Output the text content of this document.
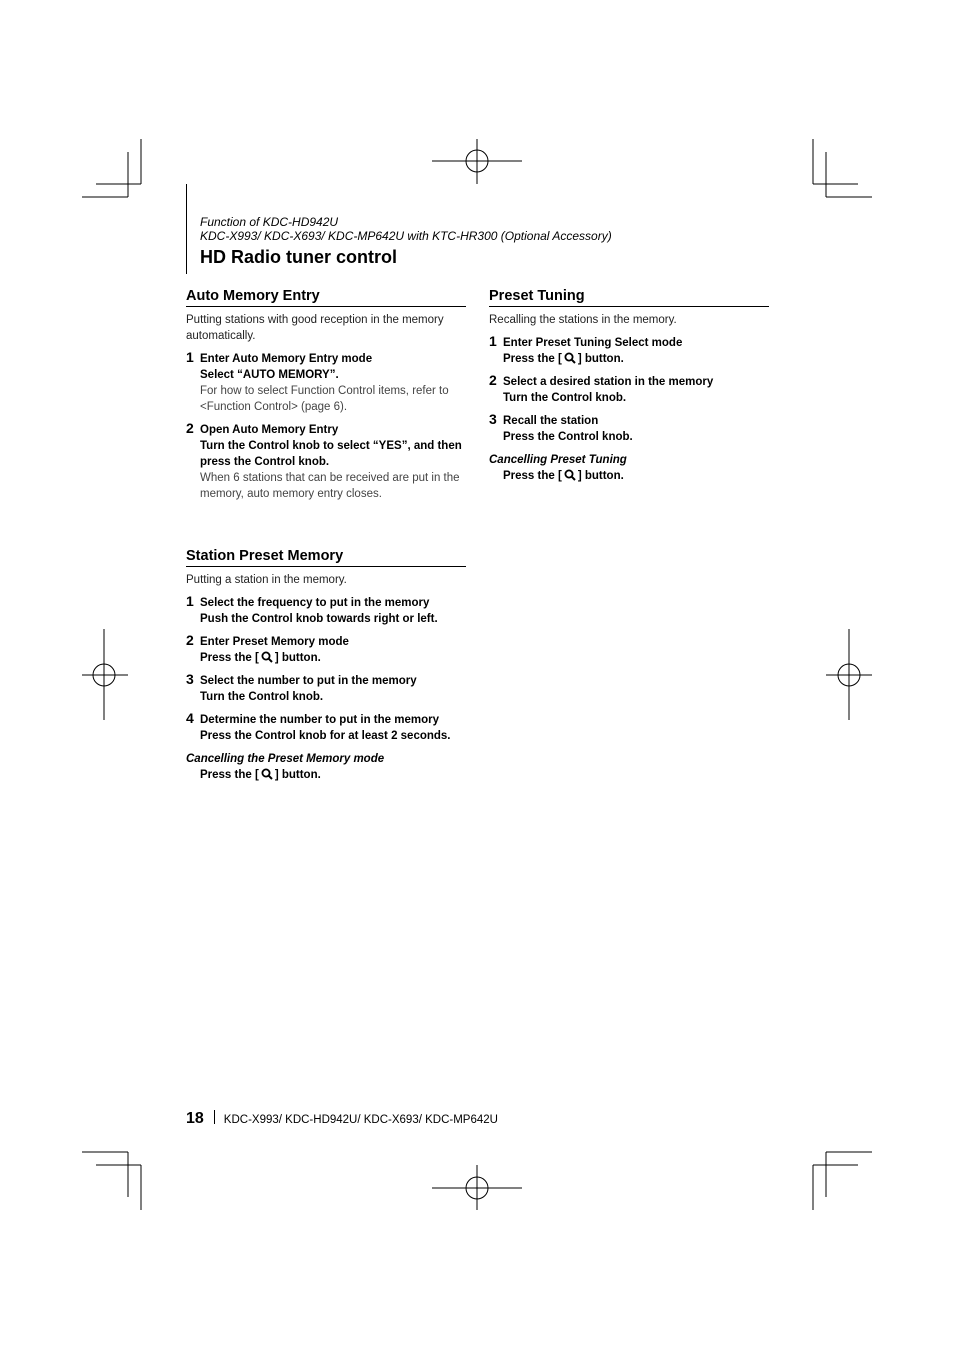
Function of KDC-HD942U
KDC-X993/ KDC-X693/ KDC-MP642U with KTC-HR300 (Optional Accessory)
HD Radio tuner control
Auto Memory Entry
Putting stations with good reception in the memory automatically.
1 Enter Auto Memory Entry mode
Select “AUTO MEMORY”.
For how to select Function Control items, refer to <Function Control> (page 6).
2 Open Auto Memory Entry
Turn the Control knob to select “YES”, and then press the Control knob.
When 6 stations that can be received are put in the memory, auto memory entry closes.
Station Preset Memory
Putting a station in the memory.
1 Select the frequency to put in the memory
Push the Control knob towards right or left.
2 Enter Preset Memory mode
Press the [ ] button.
3 Select the number to put in the memory
Turn the Control knob.
4 Determine the number to put in the memory
Press the Control knob for at least 2 seconds.
Cancelling the Preset Memory mode
Press the [ ] button.
Preset Tuning
Recalling the stations in the memory.
1 Enter Preset Tuning Select mode
Press the [ ] button.
2 Select a desired station in the memory
Turn the Control knob.
3 Recall the station
Press the Control knob.
Cancelling Preset Tuning
Press the [ ] button.
18 KDC-X993/ KDC-HD942U/ KDC-X693/ KDC-MP642U
